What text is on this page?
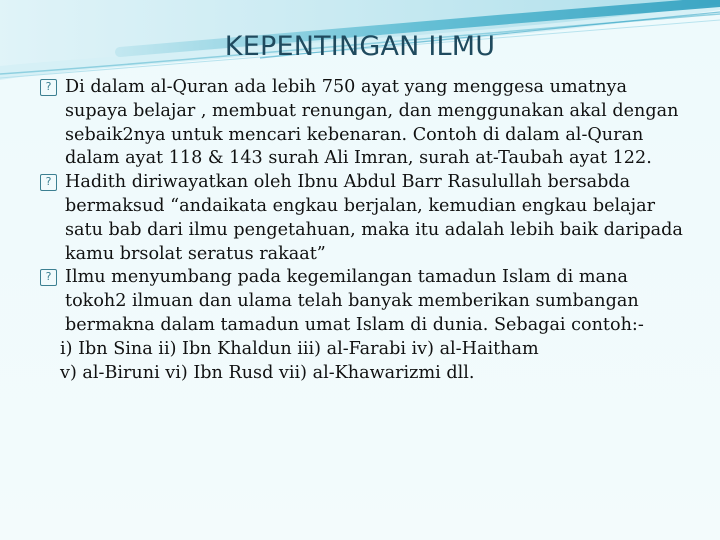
KEPENTINGAN ILMU

? Di dalam al-Quran ada lebih 750 ayat yang menggesa umatnya supaya belajar , membuat renungan, dan menggunakan akal dengan sebaik2nya untuk mencari kebenaran. Contoh di dalam al-Quran dalam ayat 118 & 143 surah Ali Imran, surah at-Taubah ayat 122.

? Hadith diriwayatkan oleh Ibnu Abdul Barr Rasulullah bersabda bermaksud “andaikata engkau berjalan, kemudian engkau belajar satu bab dari ilmu pengetahuan, maka itu adalah lebih baik daripada kamu brsolat seratus rakaat”

? Ilmu menyumbang pada kegemilangan tamadun Islam di mana tokoh2 ilmuan dan ulama telah banyak memberikan sumbangan bermakna dalam tamadun umat Islam di dunia. Sebagai contoh:-

i) Ibn Sina ii) Ibn Khaldun iii) al-Farabi iv) al-Haitham
v) al-Biruni vi) Ibn Rusd vii) al-Khawarizmi dll.
